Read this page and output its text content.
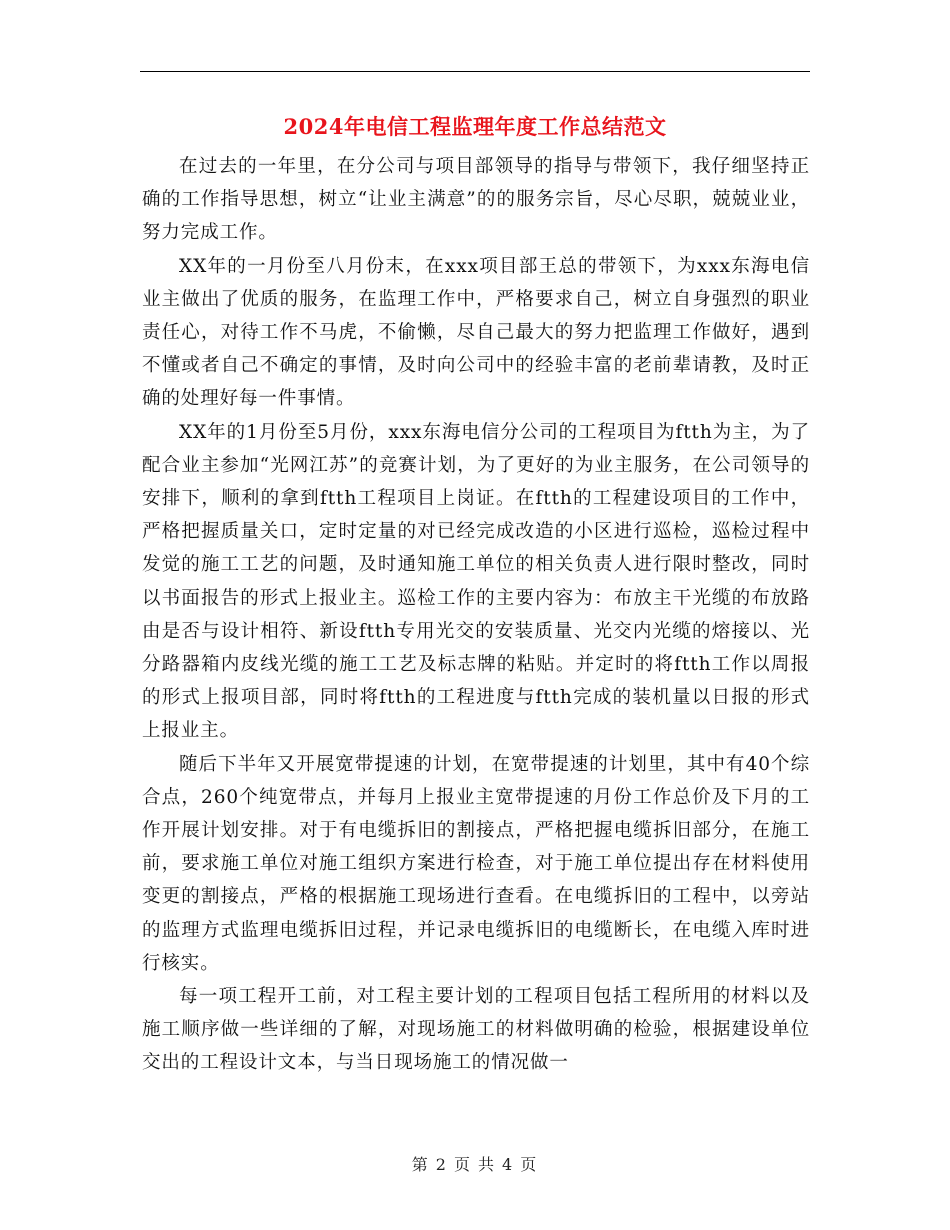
2024年电信工程监理年度工作总结范文

在过去的一年里，在分公司与项目部领导的指导与带领下，我仔细坚持正确的工作指导思想，树立“让业主满意”的的服务宗旨，尽心尽职，兢兢业业，努力完成工作。

XX年的一月份至八月份末，在xxx项目部王总的带领下，为xxx东海电信业主做出了优质的服务，在监理工作中，严格要求自己，树立自身强烈的职业责任心，对待工作不马虎，不偷懒，尽自己最大的努力把监理工作做好，遇到不懂或者自己不确定的事情，及时向公司中的经验丰富的老前辈请教，及时正确的处理好每一件事情。

XX年的1月份至5月份，xxx东海电信分公司的工程项目为ftth为主，为了配合业主参加“光网江苏”的竞赛计划，为了更好的为业主服务，在公司领导的安排下，顺利的拿到ftth工程项目上岗证。在ftth的工程建设项目的工作中，严格把握质量关口，定时定量的对已经完成改造的小区进行巡检，巡检过程中发觉的施工工艺的问题，及时通知施工单位的相关负责人进行限时整改，同时以书面报告的形式上报业主。巡检工作的主要内容为：布放主干光缆的布放路由是否与设计相符、新设ftth专用光交的安装质量、光交内光缆的熔接以、光分路器箱内皮线光缆的施工工艺及标志牌的粘贴。并定时的将ftth工作以周报的形式上报项目部，同时将ftth的工程进度与ftth完成的装机量以日报的形式上报业主。

随后下半年又开展宽带提速的计划，在宽带提速的计划里，其中有40个综合点，260个纯宽带点，并每月上报业主宽带提速的月份工作总价及下月的工作开展计划安排。对于有电缆拆旧的割接点，严格把握电缆拆旧部分，在施工前，要求施工单位对施工组织方案进行检查，对于施工单位提出存在材料使用变更的割接点，严格的根据施工现场进行查看。在电缆拆旧的工程中，以旁站的监理方式监理电缆拆旧过程，并记录电缆拆旧的电缆断长，在电缆入库时进行核实。

每一项工程开工前，对工程主要计划的工程项目包括工程所用的材料以及施工顺序做一些详细的了解，对现场施工的材料做明确的检验，根据建设单位交出的工程设计文本，与当日现场施工的情况做一

第 2 页 共 4 页
